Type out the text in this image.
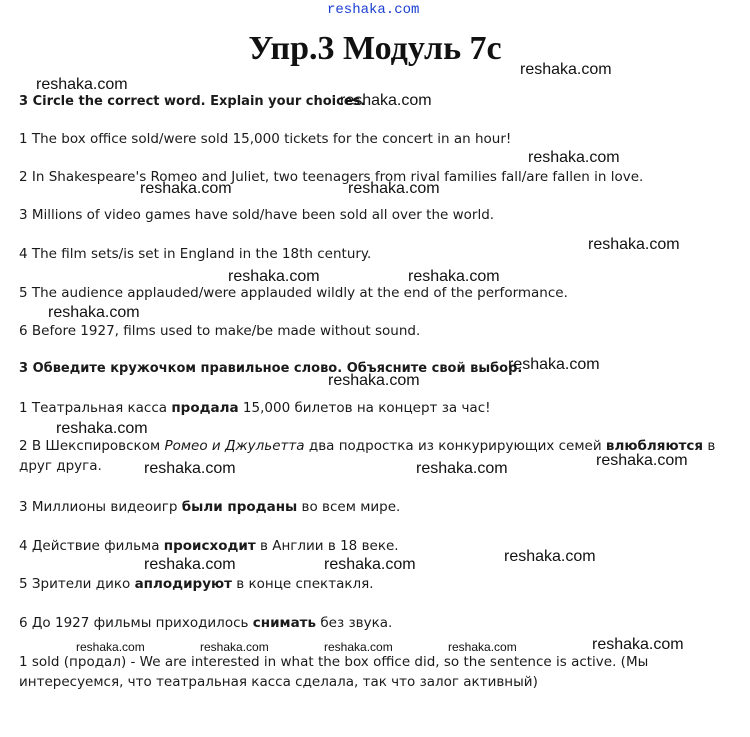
reshaka.com
Упр.3 Модуль 7с

3 Circle the correct word. Explain your choices.

1 The box office sold/were sold 15,000 tickets for the concert in an hour!

2 In Shakespeare's Romeo and Juliet, two teenagers from rival families fall/are fallen in love.

3 Millions of video games have sold/have been sold all over the world.

4 The film sets/is set in England in the 18th century.

5 The audience applauded/were applauded wildly at the end of the performance.

6 Before 1927, films used to make/be made without sound.

3 Обведите кружочком правильное слово. Объясните свой выбор.

1 Театральная касса продала 15,000 билетов на концерт за час!

2 В Шекспировском Ромео и Джульетта два подростка из конкурирующих семей влюбляются в друг друга.

3 Миллионы видеоигр были проданы во всем мире.

4 Действие фильма происходит в Англии в 18 веке.

5 Зрители дико аплодируют в конце спектакля.

6 До 1927 фильмы приходилось снимать без звука.

1 sold (продал) - We are interested in what the box office did, so the sentence is active. (Мы интересуемся, что театральная касса сделала, так что залог активный)

reshaka.com
reshaka.com
reshaka.com
reshaka.com
reshaka.com	reshaka.com
reshaka.com
reshaka.com	reshaka.com
reshaka.com
reshaka.com
reshaka.com
reshaka.com
reshaka.com
reshaka.com	reshaka.com
reshaka.com
reshaka.com	reshaka.com
reshaka.com	reshaka.com	reshaka.com	reshaka.com	reshaka.com
